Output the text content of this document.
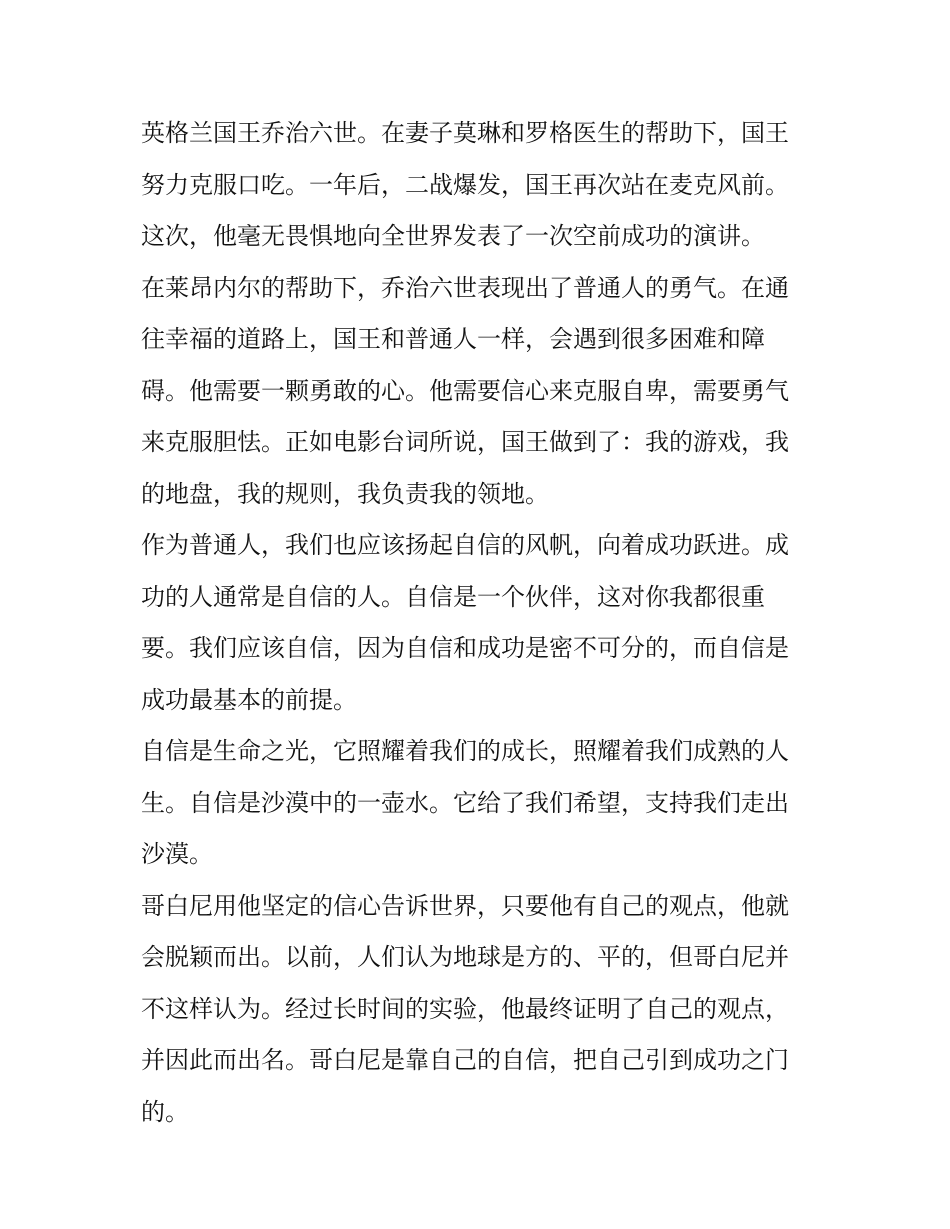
英格兰国王乔治六世。在妻子莫琳和罗格医生的帮助下，国王
努力克服口吃。一年后，二战爆发，国王再次站在麦克风前。
这次，他毫无畏惧地向全世界发表了一次空前成功的演讲。

在莱昂内尔的帮助下，乔治六世表现出了普通人的勇气。在通
往幸福的道路上，国王和普通人一样，会遇到很多困难和障
碍。他需要一颗勇敢的心。他需要信心来克服自卑，需要勇气
来克服胆怯。正如电影台词所说，国王做到了：我的游戏，我
的地盘，我的规则，我负责我的领地。

作为普通人，我们也应该扬起自信的风帆，向着成功跃进。成
功的人通常是自信的人。自信是一个伙伴，这对你我都很重
要。我们应该自信，因为自信和成功是密不可分的，而自信是
成功最基本的前提。

自信是生命之光，它照耀着我们的成长，照耀着我们成熟的人
生。自信是沙漠中的一壶水。它给了我们希望，支持我们走出
沙漠。

哥白尼用他坚定的信心告诉世界，只要他有自己的观点，他就
会脱颖而出。以前，人们认为地球是方的、平的，但哥白尼并
不这样认为。经过长时间的实验，他最终证明了自己的观点，
并因此而出名。哥白尼是靠自己的自信，把自己引到成功之门
的。
